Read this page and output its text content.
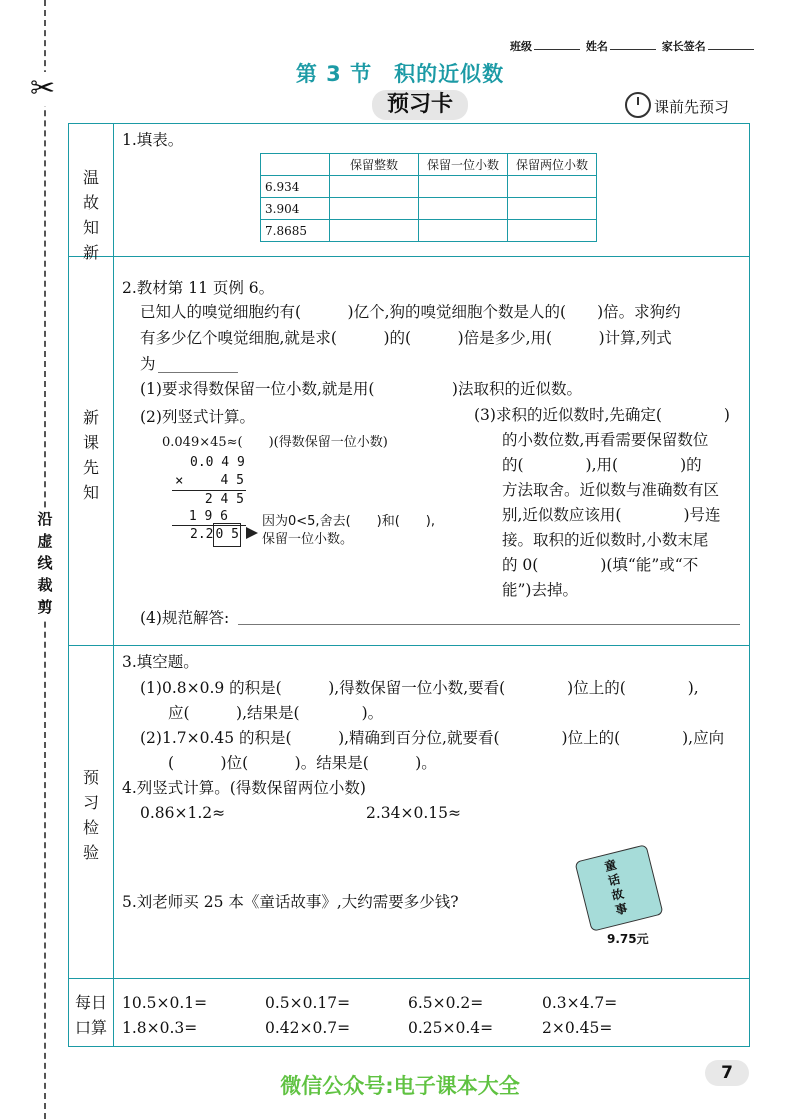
✂
沿虚线裁剪
班级	姓名	家长签名
第 3 节　积的近似数
预习卡	课前先预习
温故知新
新课先知
预习检验
每日口算
1.填表。
	保留整数	保留一位小数	保留两位小数
6.934			
3.904			
7.8685			
2.教材第 11 页例 6。
已知人的嗅觉细胞约有(　　　)亿个,狗的嗅觉细胞个数是人的(　　)倍。求狗约
有多少亿个嗅觉细胞,就是求(　　　)的(　　　)倍是多少,用(　　　)计算,列式
为
(1)要求得数保留一位小数,就是用(　　　　　)法取积的近似数。
(2)列竖式计算。
0.049×45≈(　　)(得数保留一位小数)
0.0 4 9
×	4 5
2 4 5
1 9 6
2.2 0 5
因为0<5,舍去(　　)和(　　),
保留一位小数。
(3)求积的近似数时,先确定(　　　　)
的小数位数,再看需要保留数位
的(　　　　),用(　　　　)的
方法取舍。近似数与准确数有区
别,近似数应该用(　　　　)号连
接。取积的近似数时,小数末尾
的 0(　　　　)(填“能”或“不
能”)去掉。
(4)规范解答:
3.填空题。
(1)0.8×0.9 的积是(　　　),得数保留一位小数,要看(　　　　)位上的(　　　　),
应(　　　),结果是(　　　　)。
(2)1.7×0.45 的积是(　　　),精确到百分位,就要看(　　　　)位上的(　　　　),应向
(　　　)位(　　　)。结果是(　　　)。
4.列竖式计算。(得数保留两位小数)
0.86×1.2≈	2.34×0.15≈
5.刘老师买 25 本《童话故事》,大约需要多少钱?
童话故事
9.75元
10.5×0.1=	0.5×0.17=	6.5×0.2=	0.3×4.7=
1.8×0.3=	0.42×0.7=	0.25×0.4=	2×0.45=
微信公众号:电子课本大全
7
